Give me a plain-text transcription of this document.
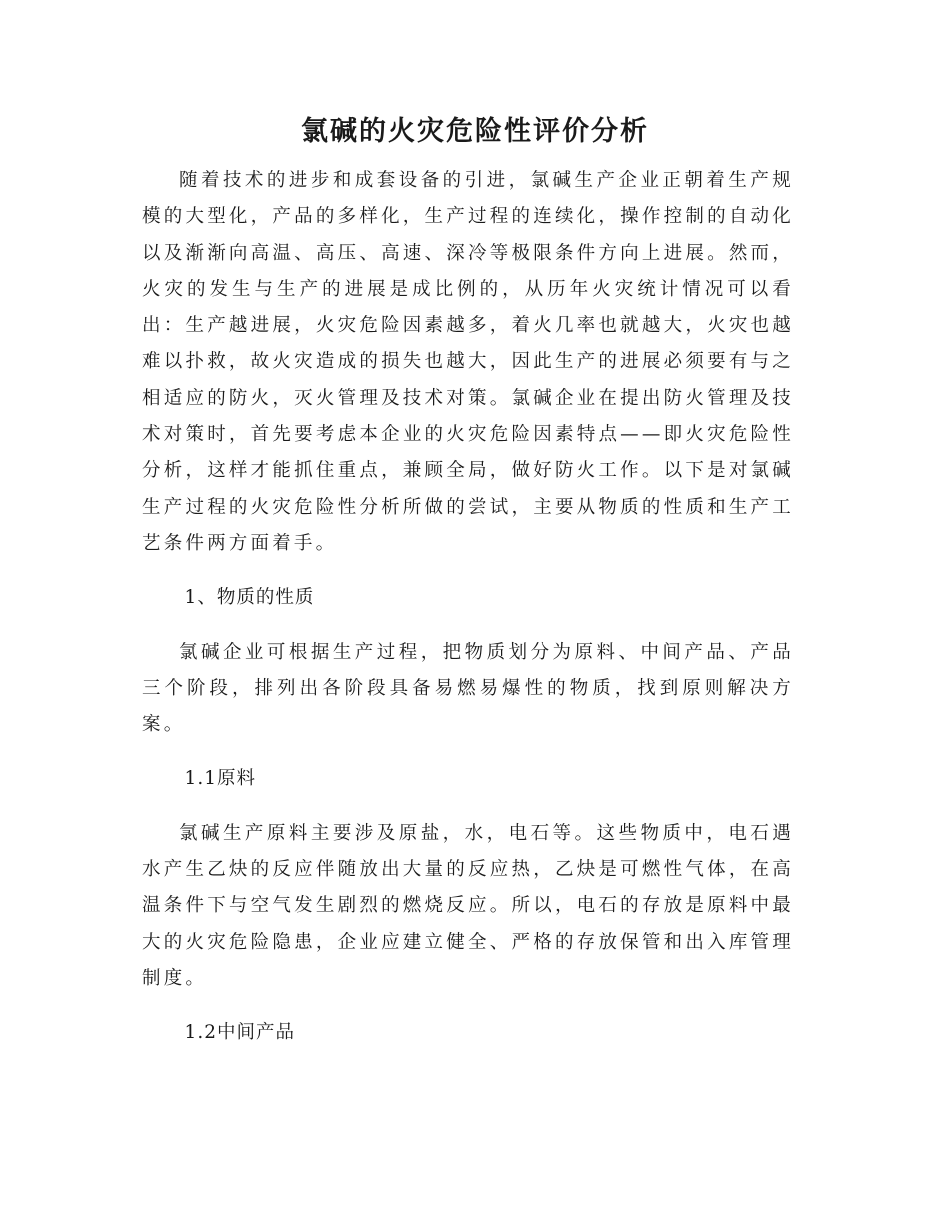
氯碱的火灾危险性评价分析

随着技术的进步和成套设备的引进，氯碱生产企业正朝着生产规模的大型化，产品的多样化，生产过程的连续化，操作控制的自动化以及渐渐向高温、高压、高速、深冷等极限条件方向上进展。然而，火灾的发生与生产的进展是成比例的，从历年火灾统计情况可以看出：生产越进展，火灾危险因素越多，着火几率也就越大，火灾也越难以扑救，故火灾造成的损失也越大，因此生产的进展必须要有与之相适应的防火，灭火管理及技术对策。氯碱企业在提出防火管理及技术对策时，首先要考虑本企业的火灾危险因素特点——即火灾危险性分析，这样才能抓住重点，兼顾全局，做好防火工作。以下是对氯碱生产过程的火灾危险性分析所做的尝试，主要从物质的性质和生产工艺条件两方面着手。

1、物质的性质

氯碱企业可根据生产过程，把物质划分为原料、中间产品、产品三个阶段，排列出各阶段具备易燃易爆性的物质，找到原则解决方案。

1.1原料

氯碱生产原料主要涉及原盐，水，电石等。这些物质中，电石遇水产生乙炔的反应伴随放出大量的反应热，乙炔是可燃性气体，在高温条件下与空气发生剧烈的燃烧反应。所以，电石的存放是原料中最大的火灾危险隐患，企业应建立健全、严格的存放保管和出入库管理制度。

1.2中间产品
